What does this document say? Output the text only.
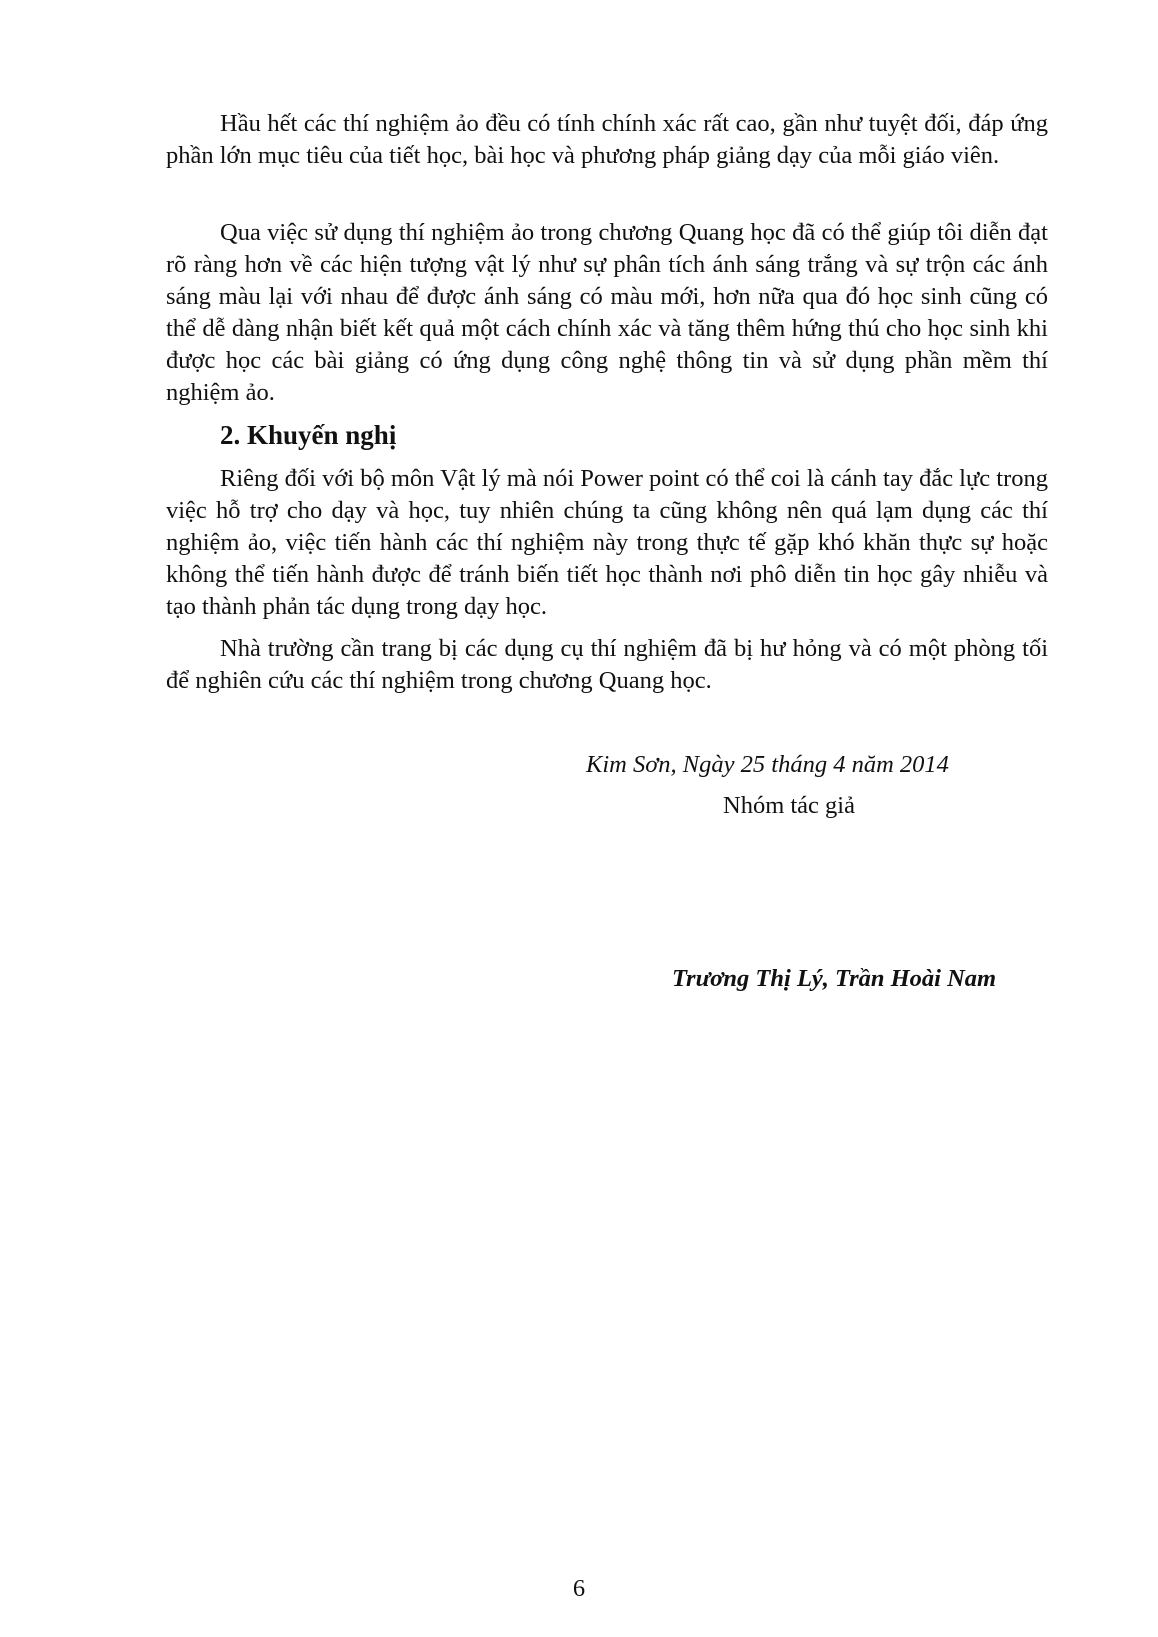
Hầu hết các thí nghiệm ảo đều có tính chính xác rất cao, gần như tuyệt đối, đáp ứng phần lớn mục tiêu của tiết học, bài học và phương pháp giảng dạy của mỗi giáo viên.

Qua việc sử dụng thí nghiệm ảo trong chương Quang học đã có thể giúp tôi diễn đạt rõ ràng hơn về các hiện tượng vật lý như sự phân tích ánh sáng trắng và sự trộn các ánh sáng màu lại với nhau để được ánh sáng có màu mới, hơn nữa qua đó học sinh cũng có thể dễ dàng nhận biết kết quả một cách chính xác và tăng thêm hứng thú cho học sinh khi được học các bài giảng có ứng dụng công nghệ thông tin và sử dụng phần mềm thí nghiệm ảo.

2. Khuyến nghị

Riêng đối với bộ môn Vật lý mà nói Power point có thể coi là cánh tay đắc lực trong việc hỗ trợ cho dạy và học, tuy nhiên chúng ta cũng không nên quá lạm dụng các thí nghiệm ảo, việc tiến hành các thí nghiệm này trong thực tế gặp khó khăn thực sự hoặc không thể tiến hành được để tránh biến tiết học thành nơi phô diễn tin học gây nhiễu và tạo thành phản tác dụng trong dạy học.

Nhà trường cần trang bị các dụng cụ thí nghiệm đã bị hư hỏng và có một phòng tối để nghiên cứu các thí nghiệm trong chương Quang học.

Kim Sơn, Ngày 25 tháng 4 năm 2014

Nhóm tác giả

Trương Thị Lý, Trần Hoài Nam

6
